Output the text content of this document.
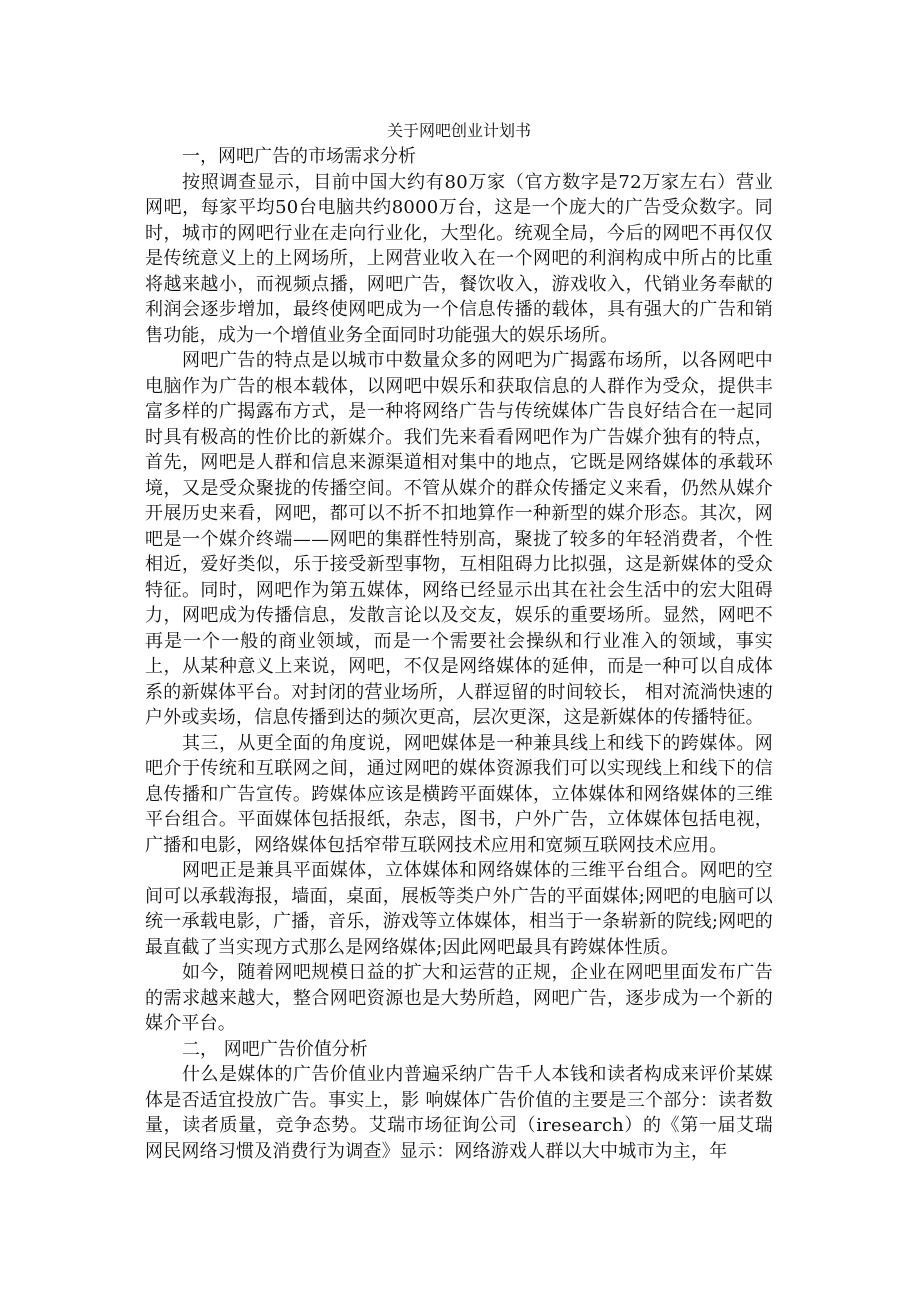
关于网吧创业计划书

一，网吧广告的市场需求分析

按照调查显示，目前中国大约有80万家（官方数字是72万家左右）营业网吧，每家平均50台电脑共约8000万台，这是一个庞大的广告受众数字。同时，城市的网吧行业在走向行业化，大型化。统观全局，今后的网吧不再仅仅是传统意义上的上网场所，上网营业收入在一个网吧的利润构成中所占的比重将越来越小，而视频点播，网吧广告，餐饮收入，游戏收入，代销业务奉献的利润会逐步增加，最终使网吧成为一个信息传播的载体，具有强大的广告和销售功能，成为一个增值业务全面同时功能强大的娱乐场所。

网吧广告的特点是以城市中数量众多的网吧为广揭露布场所，以各网吧中 电脑作为广告的根本载体，以网吧中娱乐和获取信息的人群作为受众，提供丰富多样的广揭露布方式，是一种将网络广告与传统媒体广告良好结合在一起同时具有极高的性价比的新媒介。我们先来看看网吧作为广告媒介独有的特点，首先，网吧是人群和信息来源渠道相对集中的地点，它既是网络媒体的承载环境，又是受众聚拢的传播空间。不管从媒介的群众传播定义来看，仍然从媒介开展历史来看，网吧，都可以不折不扣地算作一种新型的媒介形态。其次，网吧是一个媒介终端——网吧的集群性特别高，聚拢了较多的年轻消费者，个性相近，爱好类似，乐于接受新型事物，互相阻碍力比拟强，这是新媒体的受众特征。同时，网吧作为第五媒体，网络已经显示出其在社会生活中的宏大阻碍力，网吧成为传播信息，发散言论以及交友，娱乐的重要场所。显然，网吧不再是一个一般的商业领域，而是一个需要社会操纵和行业准入的领域，事实上，从某种意义上来说，网吧，不仅是网络媒体的延伸，而是一种可以自成体系的新媒体平台。对封闭的营业场所，人群逗留的时间较长， 相对流淌快速的户外或卖场，信息传播到达的频次更高，层次更深，这是新媒体的传播特征。

其三，从更全面的角度说，网吧媒体是一种兼具线上和线下的跨媒体。网吧介于传统和互联网之间，通过网吧的媒体资源我们可以实现线上和线下的信息传播和广告宣传。跨媒体应该是横跨平面媒体，立体媒体和网络媒体的三维平台组合。平面媒体包括报纸，杂志，图书，户外广告，立体媒体包括电视，广播和电影，网络媒体包括窄带互联网技术应用和宽频互联网技术应用。

网吧正是兼具平面媒体，立体媒体和网络媒体的三维平台组合。网吧的空间可以承载海报，墙面，桌面，展板等类户外广告的平面媒体;网吧的电脑可以统一承载电影，广播，音乐，游戏等立体媒体，相当于一条崭新的院线;网吧的最直截了当实现方式那么是网络媒体;因此网吧最具有跨媒体性质。

如今，随着网吧规模日益的扩大和运营的正规，企业在网吧里面发布广告的需求越来越大，整合网吧资源也是大势所趋，网吧广告，逐步成为一个新的媒介平台。

二， 网吧广告价值分析

什么是媒体的广告价值业内普遍采纳广告千人本钱和读者构成来评价某媒体是否适宜投放广告。事实上，影 响媒体广告价值的主要是三个部分：读者数量，读者质量，竞争态势。艾瑞市场征询公司（iresearch）的《第一届艾瑞网民网络习惯及消费行为调查》显示：网络游戏人群以大中城市为主，年
